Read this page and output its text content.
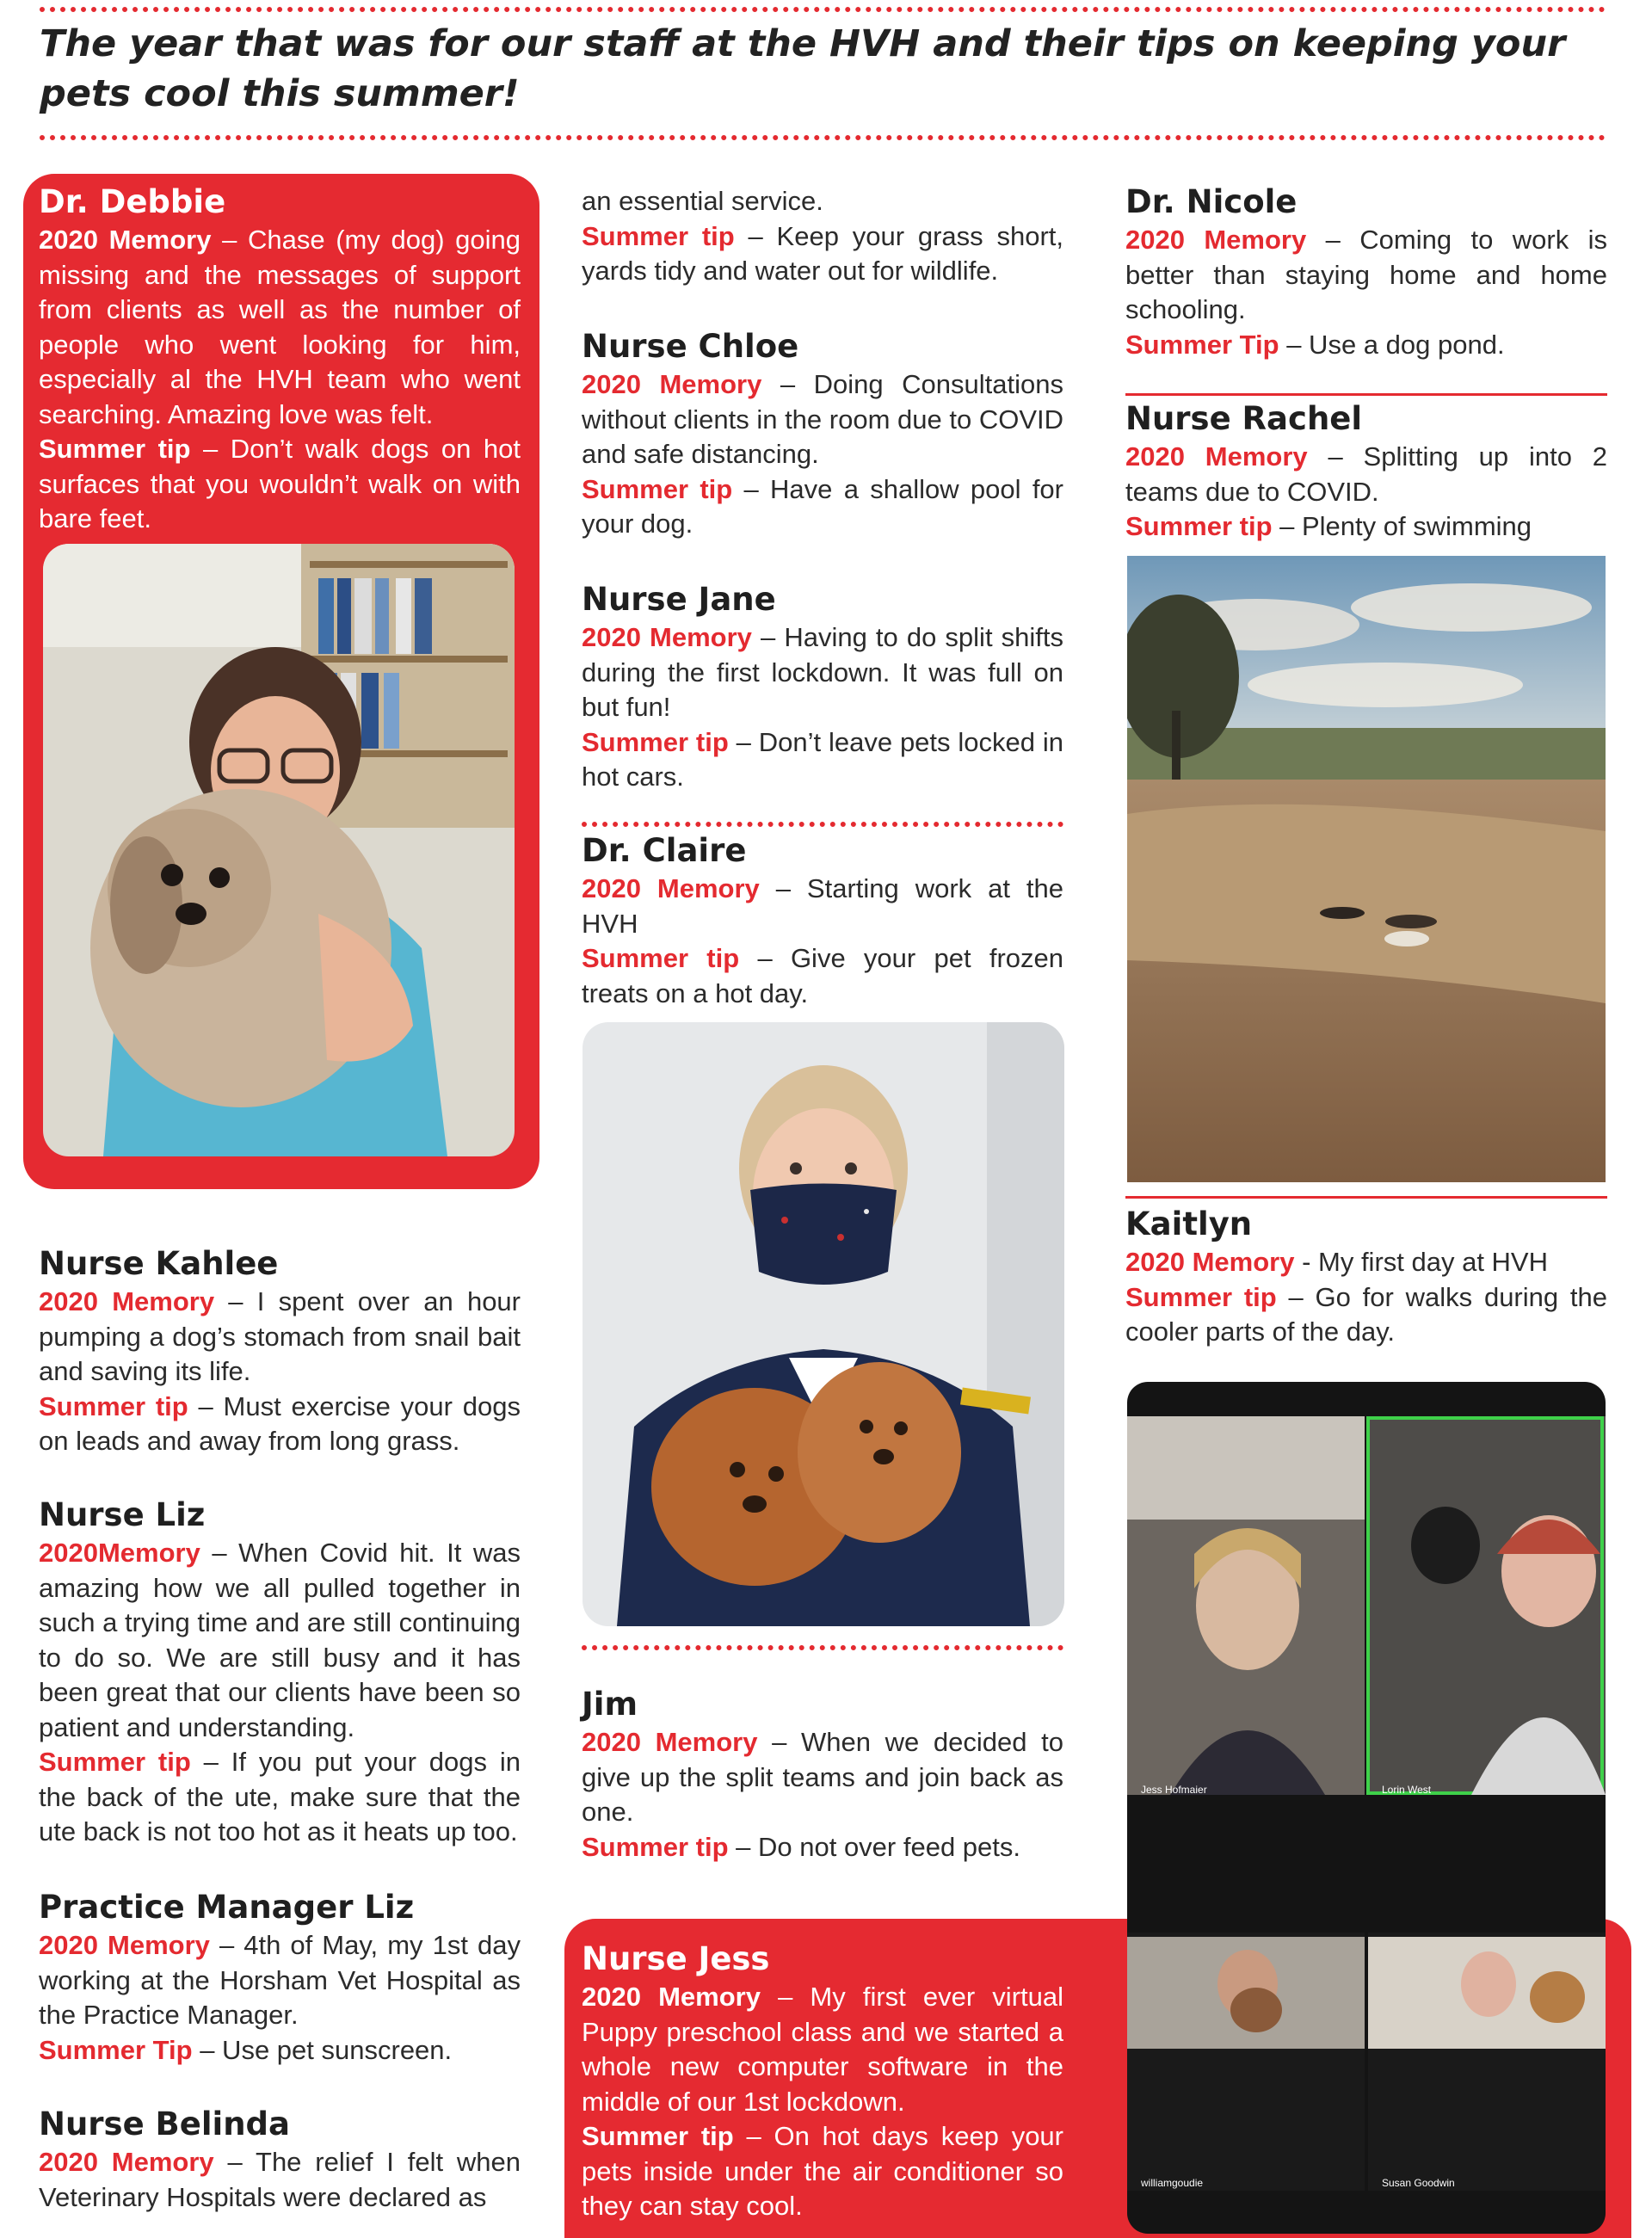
The year that was for our staff at the HVH and their tips on keeping your pets cool this summer!
Dr. Debbie

2020 Memory – Chase (my dog) going missing and the messages of support from clients as well as the number of people who went looking for him, especially al the HVH team who went searching. Amazing love was felt.

Summer tip – Don’t walk dogs on hot surfaces that you wouldn’t walk on with bare feet.

Nurse Kahlee

2020 Memory – I spent over an hour pumping a dog’s stomach from snail bait and saving its life.

Summer tip – Must exercise your dogs on leads and away from long grass.

Nurse Liz

2020Memory – When Covid hit. It was amazing how we all pulled together in such a trying time and are still continuing to do so. We are still busy and it has been great that our clients have been so patient and understanding.

Summer tip – If you put your dogs in the back of the ute, make sure that the ute back is not too hot as it heats up too.

Practice Manager Liz

2020 Memory – 4th of May, my 1st day working at the Horsham Vet Hospital as the Practice Manager.

Summer Tip – Use pet sunscreen.

Nurse Belinda

2020 Memory – The relief I felt when Veterinary Hospitals were declared as

an essential service.

Summer tip – Keep your grass short, yards tidy and water out for wildlife.

Nurse Chloe

2020 Memory – Doing Consultations without clients in the room due to COVID and safe distancing.

Summer tip – Have a shallow pool for your dog.

Nurse Jane

2020 Memory – Having to do split shifts during the first lockdown. It was full on but fun!

Summer tip – Don’t leave pets locked in hot cars.

Dr. Claire

2020 Memory – Starting work at the HVH

Summer tip – Give your pet frozen treats on a hot day.

Jim

2020 Memory – When we decided to give up the split teams and join back as one.

Summer tip – Do not over feed pets.

Nurse Jess

2020 Memory – My first ever virtual Puppy preschool class and we started a whole new computer software in the middle of our 1st lockdown.

Summer tip – On hot days keep your pets inside under the air conditioner so they can stay cool.

Dr. Nicole

2020 Memory – Coming to work is better than staying home and home schooling.

Summer Tip – Use a dog pond.

Nurse Rachel

2020 Memory – Splitting up into 2 teams due to COVID.

Summer tip – Plenty of swimming

Kaitlyn

2020 Memory - My first day at HVH

Summer tip – Go for walks during the cooler parts of the day.

Jess Hofmaier	Lorin West
williamgoudie	Susan Goodwin
